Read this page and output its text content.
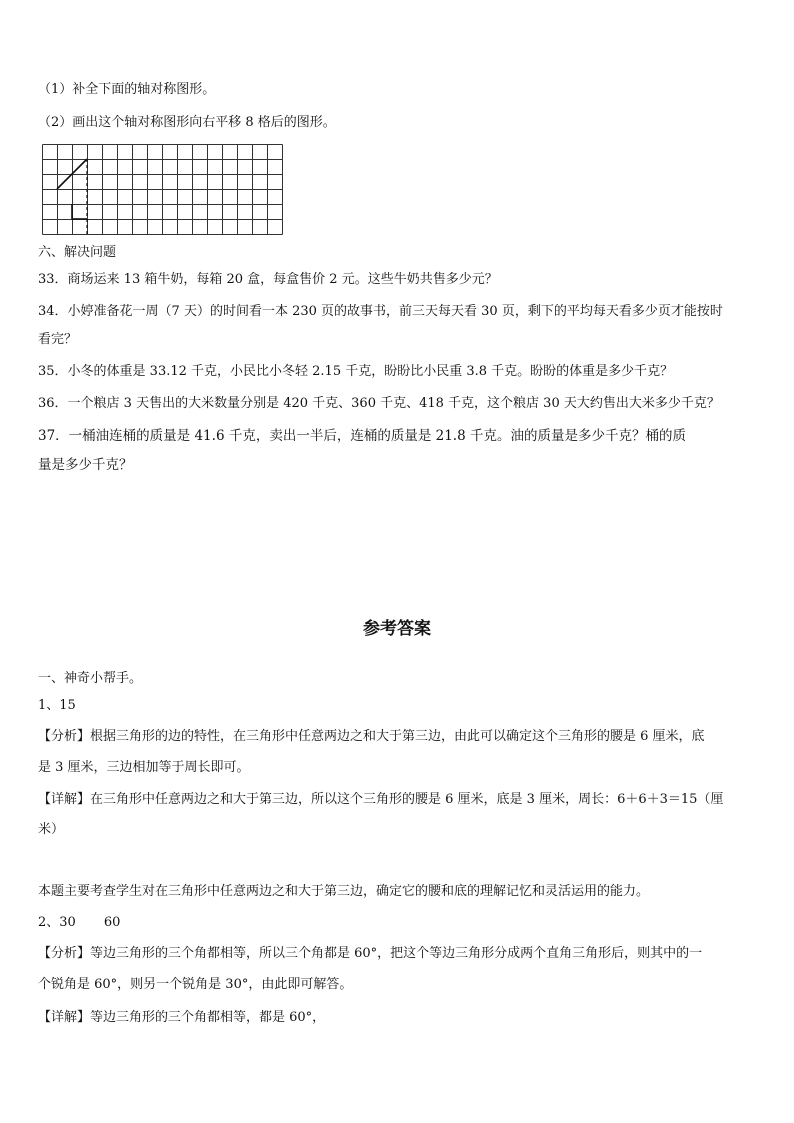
（1）补全下面的轴对称图形。
（2）画出这个轴对称图形向右平移 8 格后的图形。
六、解决问题
33．商场运来 13 箱牛奶，每箱 20 盒，每盒售价 2 元。这些牛奶共售多少元？
34．小婷准备花一周（7 天）的时间看一本 230 页的故事书，前三天每天看 30 页，剩下的平均每天看多少页才能按时
看完？
35．小冬的体重是 33.12 千克，小民比小冬轻 2.15 千克，盼盼比小民重 3.8 千克。盼盼的体重是多少千克？
36．一个粮店 3 天售出的大米数量分别是 420 千克、360 千克、418 千克，这个粮店 30 天大约售出大米多少千克？
37．一桶油连桶的质量是 41.6 千克，卖出一半后，连桶的质量是 21.8 千克。油的质量是多少千克？桶的质
量是多少千克？
参考答案
一、神奇小帮手。
1、15
【分析】根据三角形的边的特性，在三角形中任意两边之和大于第三边，由此可以确定这个三角形的腰是 6 厘米，底
是 3 厘米，三边相加等于周长即可。
【详解】在三角形中任意两边之和大于第三边，所以这个三角形的腰是 6 厘米，底是 3 厘米，周长：6＋6＋3＝15（厘
米）
本题主要考查学生对在三角形中任意两边之和大于第三边，确定它的腰和底的理解记忆和灵活运用的能力。
2、30 60
【分析】等边三角形的三个角都相等，所以三个角都是 60°，把这个等边三角形分成两个直角三角形后，则其中的一
个锐角是 60°，则另一个锐角是 30°，由此即可解答。
【详解】等边三角形的三个角都相等，都是 60°，
